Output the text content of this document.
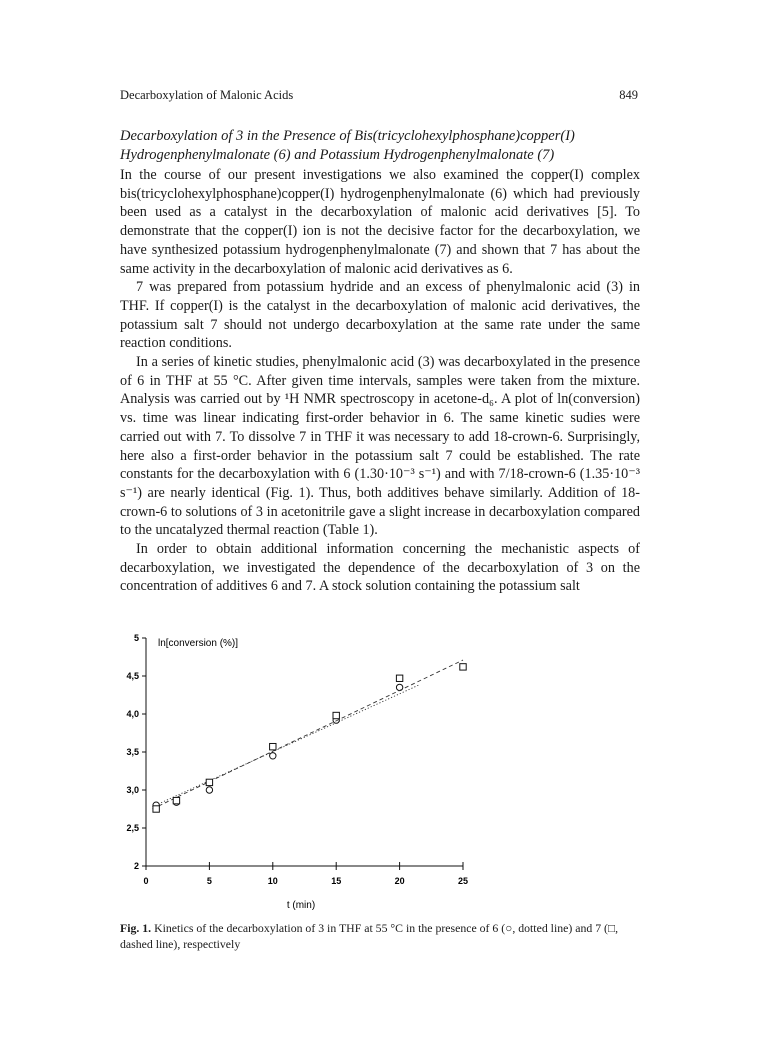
Decarboxylation of Malonic Acids	849
Decarboxylation of 3 in the Presence of Bis(tricyclohexylphosphane)copper(I)
Hydrogenphenylmalonate (6) and Potassium Hydrogenphenylmalonate (7)

In the course of our present investigations we also examined the copper(I) complex bis(tricyclohexylphosphane)copper(I) hydrogenphenylmalonate (6) which had previously been used as a catalyst in the decarboxylation of malonic acid derivatives [5]. To demonstrate that the copper(I) ion is not the decisive factor for the decarboxylation, we have synthesized potassium hydrogenphenylmalonate (7) and shown that 7 has about the same activity in the decarboxylation of malonic acid derivatives as 6.

7 was prepared from potassium hydride and an excess of phenylmalonic acid (3) in THF. If copper(I) is the catalyst in the decarboxylation of malonic acid derivatives, the potassium salt 7 should not undergo decarboxylation at the same rate under the same reaction conditions.

In a series of kinetic studies, phenylmalonic acid (3) was decarboxylated in the presence of 6 in THF at 55 °C. After given time intervals, samples were taken from the mixture. Analysis was carried out by ¹H NMR spectroscopy in acetone-d₆. A plot of ln(conversion) vs. time was linear indicating first-order behavior in 6. The same kinetic sudies were carried out with 7. To dissolve 7 in THF it was necessary to add 18-crown-6. Surprisingly, here also a first-order behavior in the potassium salt 7 could be established. The rate constants for the decarboxylation with 6 (1.30·10⁻³ s⁻¹) and with 7/18-crown-6 (1.35·10⁻³ s⁻¹) are nearly identical (Fig. 1). Thus, both additives behave similarly. Addition of 18-crown-6 to solutions of 3 in acetonitrile gave a slight increase in decarboxylation compared to the uncatalyzed thermal reaction (Table 1).

In order to obtain additional information concerning the mechanistic aspects of decarboxylation, we investigated the dependence of the decarboxylation of 3 on the concentration of additives 6 and 7. A stock solution containing the potassium salt

0	5	10	15	20	25
2
2,5
3,0
3,5
4,0
4,5
5 ln[conversion (%)]
t (min)
Fig. 1. Kinetics of the decarboxylation of 3 in THF at 55 °C in the presence of 6 (○, dotted line) and 7 (□, dashed line), respectively
